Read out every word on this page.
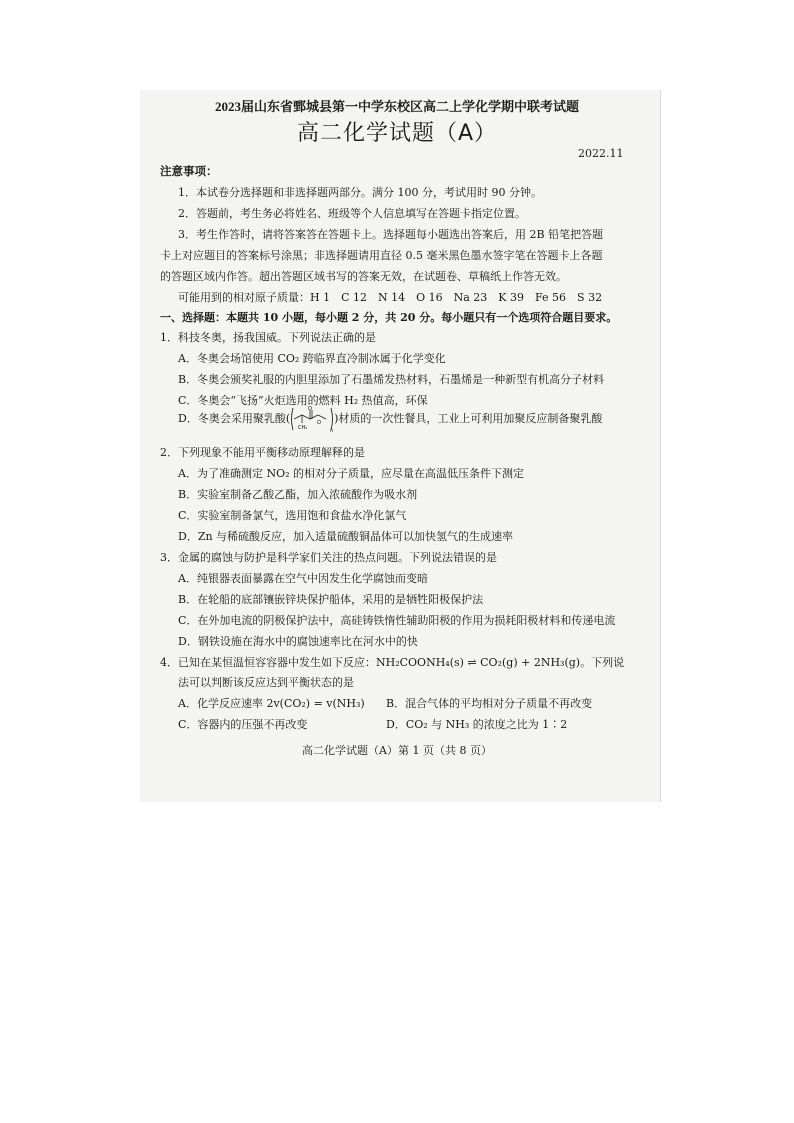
2023届山东省鄄城县第一中学东校区高二上学化学期中联考试题
高二化学试题（A）
2022.11
注意事项：
1．本试卷分选择题和非选择题两部分。满分 100 分，考试用时 90 分钟。
2．答题前，考生务必将姓名、班级等个人信息填写在答题卡指定位置。
3．考生作答时，请将答案答在答题卡上。选择题每小题选出答案后，用 2B 铅笔把答题
卡上对应题目的答案标号涂黑；非选择题请用直径 0.5 毫米黑色墨水签字笔在答题卡上各题
的答题区域内作答。超出答题区域书写的答案无效，在试题卷、草稿纸上作答无效。
可能用到的相对原子质量：H 1　C 12　N 14　O 16　Na 23　K 39　Fe 56　S 32
一、选择题：本题共 10 小题，每小题 2 分，共 20 分。每小题只有一个选项符合题目要求。
1．科技冬奥，扬我国威。下列说法正确的是
A．冬奥会场馆使用 CO₂ 跨临界直冷制冰属于化学变化
B．冬奥会颁奖礼服的内胆里添加了石墨烯发热材料，石墨烯是一种新型有机高分子材料
C．冬奥会“飞扬”火炬选用的燃料 H₂ 热值高，环保
D．冬奥会采用聚乳酸(
O
O
CH₃	n
)材质的一次性餐具，工业上可利用加聚反应制备聚乳酸
2．下列现象不能用平衡移动原理解释的是
A．为了准确测定 NO₂ 的相对分子质量，应尽量在高温低压条件下测定
B．实验室制备乙酸乙酯，加入浓硫酸作为吸水剂
C．实验室制备氯气，选用饱和食盐水净化氯气
D．Zn 与稀硫酸反应，加入适量硫酸铜晶体可以加快氢气的生成速率
3．金属的腐蚀与防护是科学家们关注的热点问题。下列说法错误的是
A．纯银器表面暴露在空气中因发生化学腐蚀而变暗
B．在轮船的底部镶嵌锌块保护船体，采用的是牺牲阳极保护法
C．在外加电流的阴极保护法中，高硅铸铁惰性辅助阳极的作用为损耗阳极材料和传递电流
D．钢铁设施在海水中的腐蚀速率比在河水中的快
4．已知在某恒温恒容容器中发生如下反应：NH₂COONH₄(s) ⇌ CO₂(g) + 2NH₃(g)。下列说
法可以判断该反应达到平衡状态的是
A．化学反应速率 2v(CO₂) = v(NH₃) B．混合气体的平均相对分子质量不再改变
C．容器内的压强不再改变	D．CO₂ 与 NH₃ 的浓度之比为 1∶2
高二化学试题（A）第 1 页（共 8 页）
